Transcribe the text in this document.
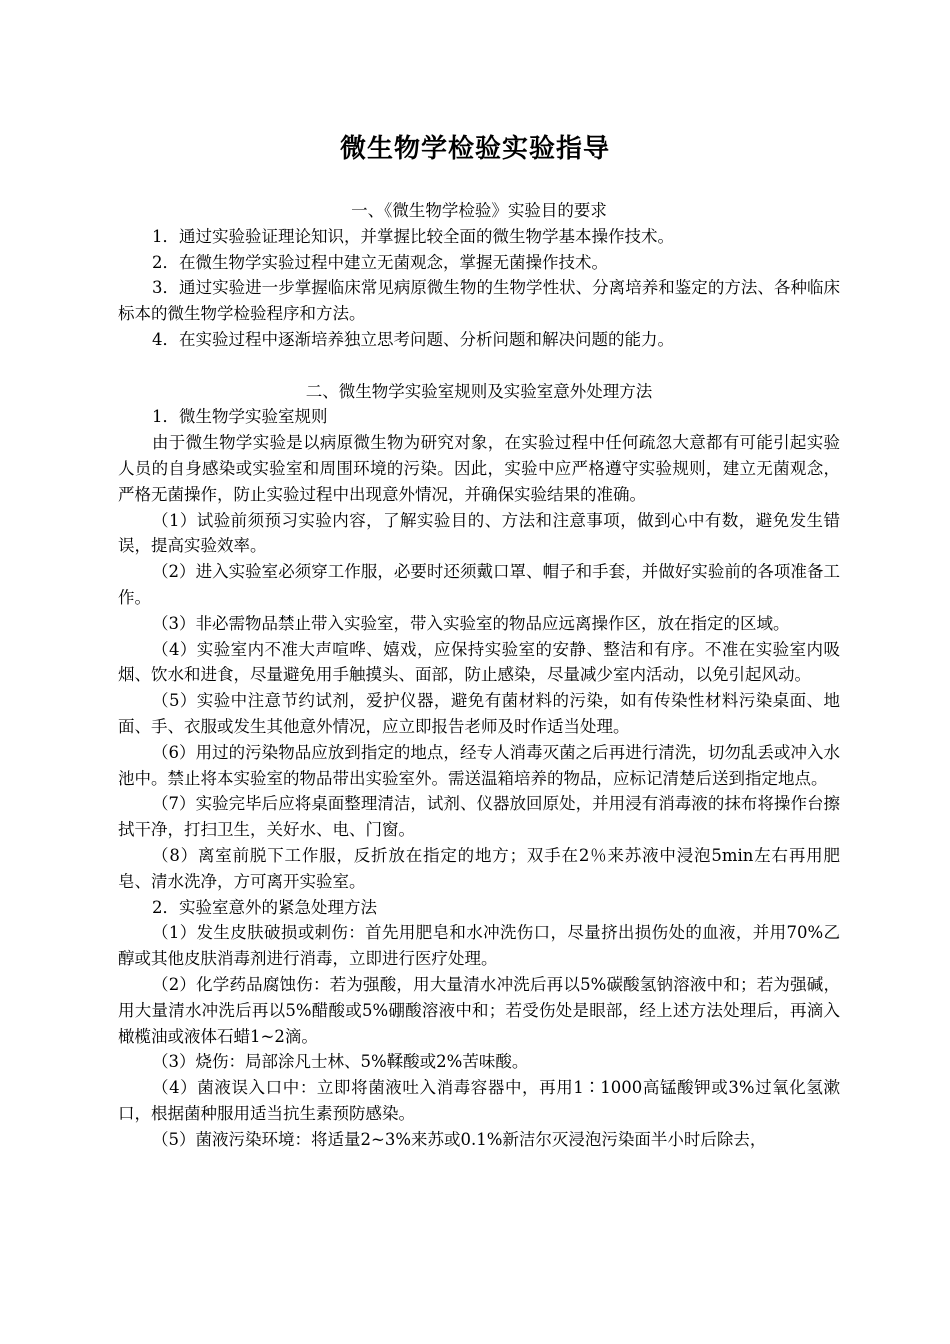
微生物学检验实验指导

一、《微生物学检验》实验目的要求

1．通过实验验证理论知识，并掌握比较全面的微生物学基本操作技术。

2．在微生物学实验过程中建立无菌观念，掌握无菌操作技术。

3．通过实验进一步掌握临床常见病原微生物的生物学性状、分离培养和鉴定的方法、各种临床标本的微生物学检验程序和方法。

4．在实验过程中逐渐培养独立思考问题、分析问题和解决问题的能力。

二、微生物学实验室规则及实验室意外处理方法

1．微生物学实验室规则

由于微生物学实验是以病原微生物为研究对象，在实验过程中任何疏忽大意都有可能引起实验人员的自身感染或实验室和周围环境的污染。因此，实验中应严格遵守实验规则，建立无菌观念，严格无菌操作，防止实验过程中出现意外情况，并确保实验结果的准确。

（1）试验前须预习实验内容，了解实验目的、方法和注意事项，做到心中有数，避免发生错误，提高实验效率。

（2）进入实验室必须穿工作服，必要时还须戴口罩、帽子和手套，并做好实验前的各项准备工作。

（3）非必需物品禁止带入实验室，带入实验室的物品应远离操作区，放在指定的区域。

（4）实验室内不准大声喧哗、嬉戏，应保持实验室的安静、整洁和有序。不准在实验室内吸烟、饮水和进食，尽量避免用手触摸头、面部，防止感染，尽量减少室内活动，以免引起风动。

（5）实验中注意节约试剂，爱护仪器，避免有菌材料的污染，如有传染性材料污染桌面、地面、手、衣服或发生其他意外情况，应立即报告老师及时作适当处理。

（6）用过的污染物品应放到指定的地点，经专人消毒灭菌之后再进行清洗，切勿乱丢或冲入水池中。禁止将本实验室的物品带出实验室外。需送温箱培养的物品，应标记清楚后送到指定地点。

（7）实验完毕后应将桌面整理清洁，试剂、仪器放回原处，并用浸有消毒液的抹布将操作台擦拭干净，打扫卫生，关好水、电、门窗。

（8）离室前脱下工作服，反折放在指定的地方；双手在2％来苏液中浸泡5min左右再用肥皂、清水洗净，方可离开实验室。

2．实验室意外的紧急处理方法

（1）发生皮肤破损或刺伤：首先用肥皂和水冲洗伤口，尽量挤出损伤处的血液，并用70%乙醇或其他皮肤消毒剂进行消毒，立即进行医疗处理。

（2）化学药品腐蚀伤：若为强酸，用大量清水冲洗后再以5%碳酸氢钠溶液中和；若为强碱，用大量清水冲洗后再以5%醋酸或5%硼酸溶液中和；若受伤处是眼部，经上述方法处理后，再滴入橄榄油或液体石蜡1~2滴。

（3）烧伤：局部涂凡士林、5%鞣酸或2%苦味酸。

（4）菌液误入口中：立即将菌液吐入消毒容器中，再用1∶1000高锰酸钾或3%过氧化氢漱口，根据菌种服用适当抗生素预防感染。

（5）菌液污染环境：将适量2~3%来苏或0.1%新洁尔灭浸泡污染面半小时后除去，
